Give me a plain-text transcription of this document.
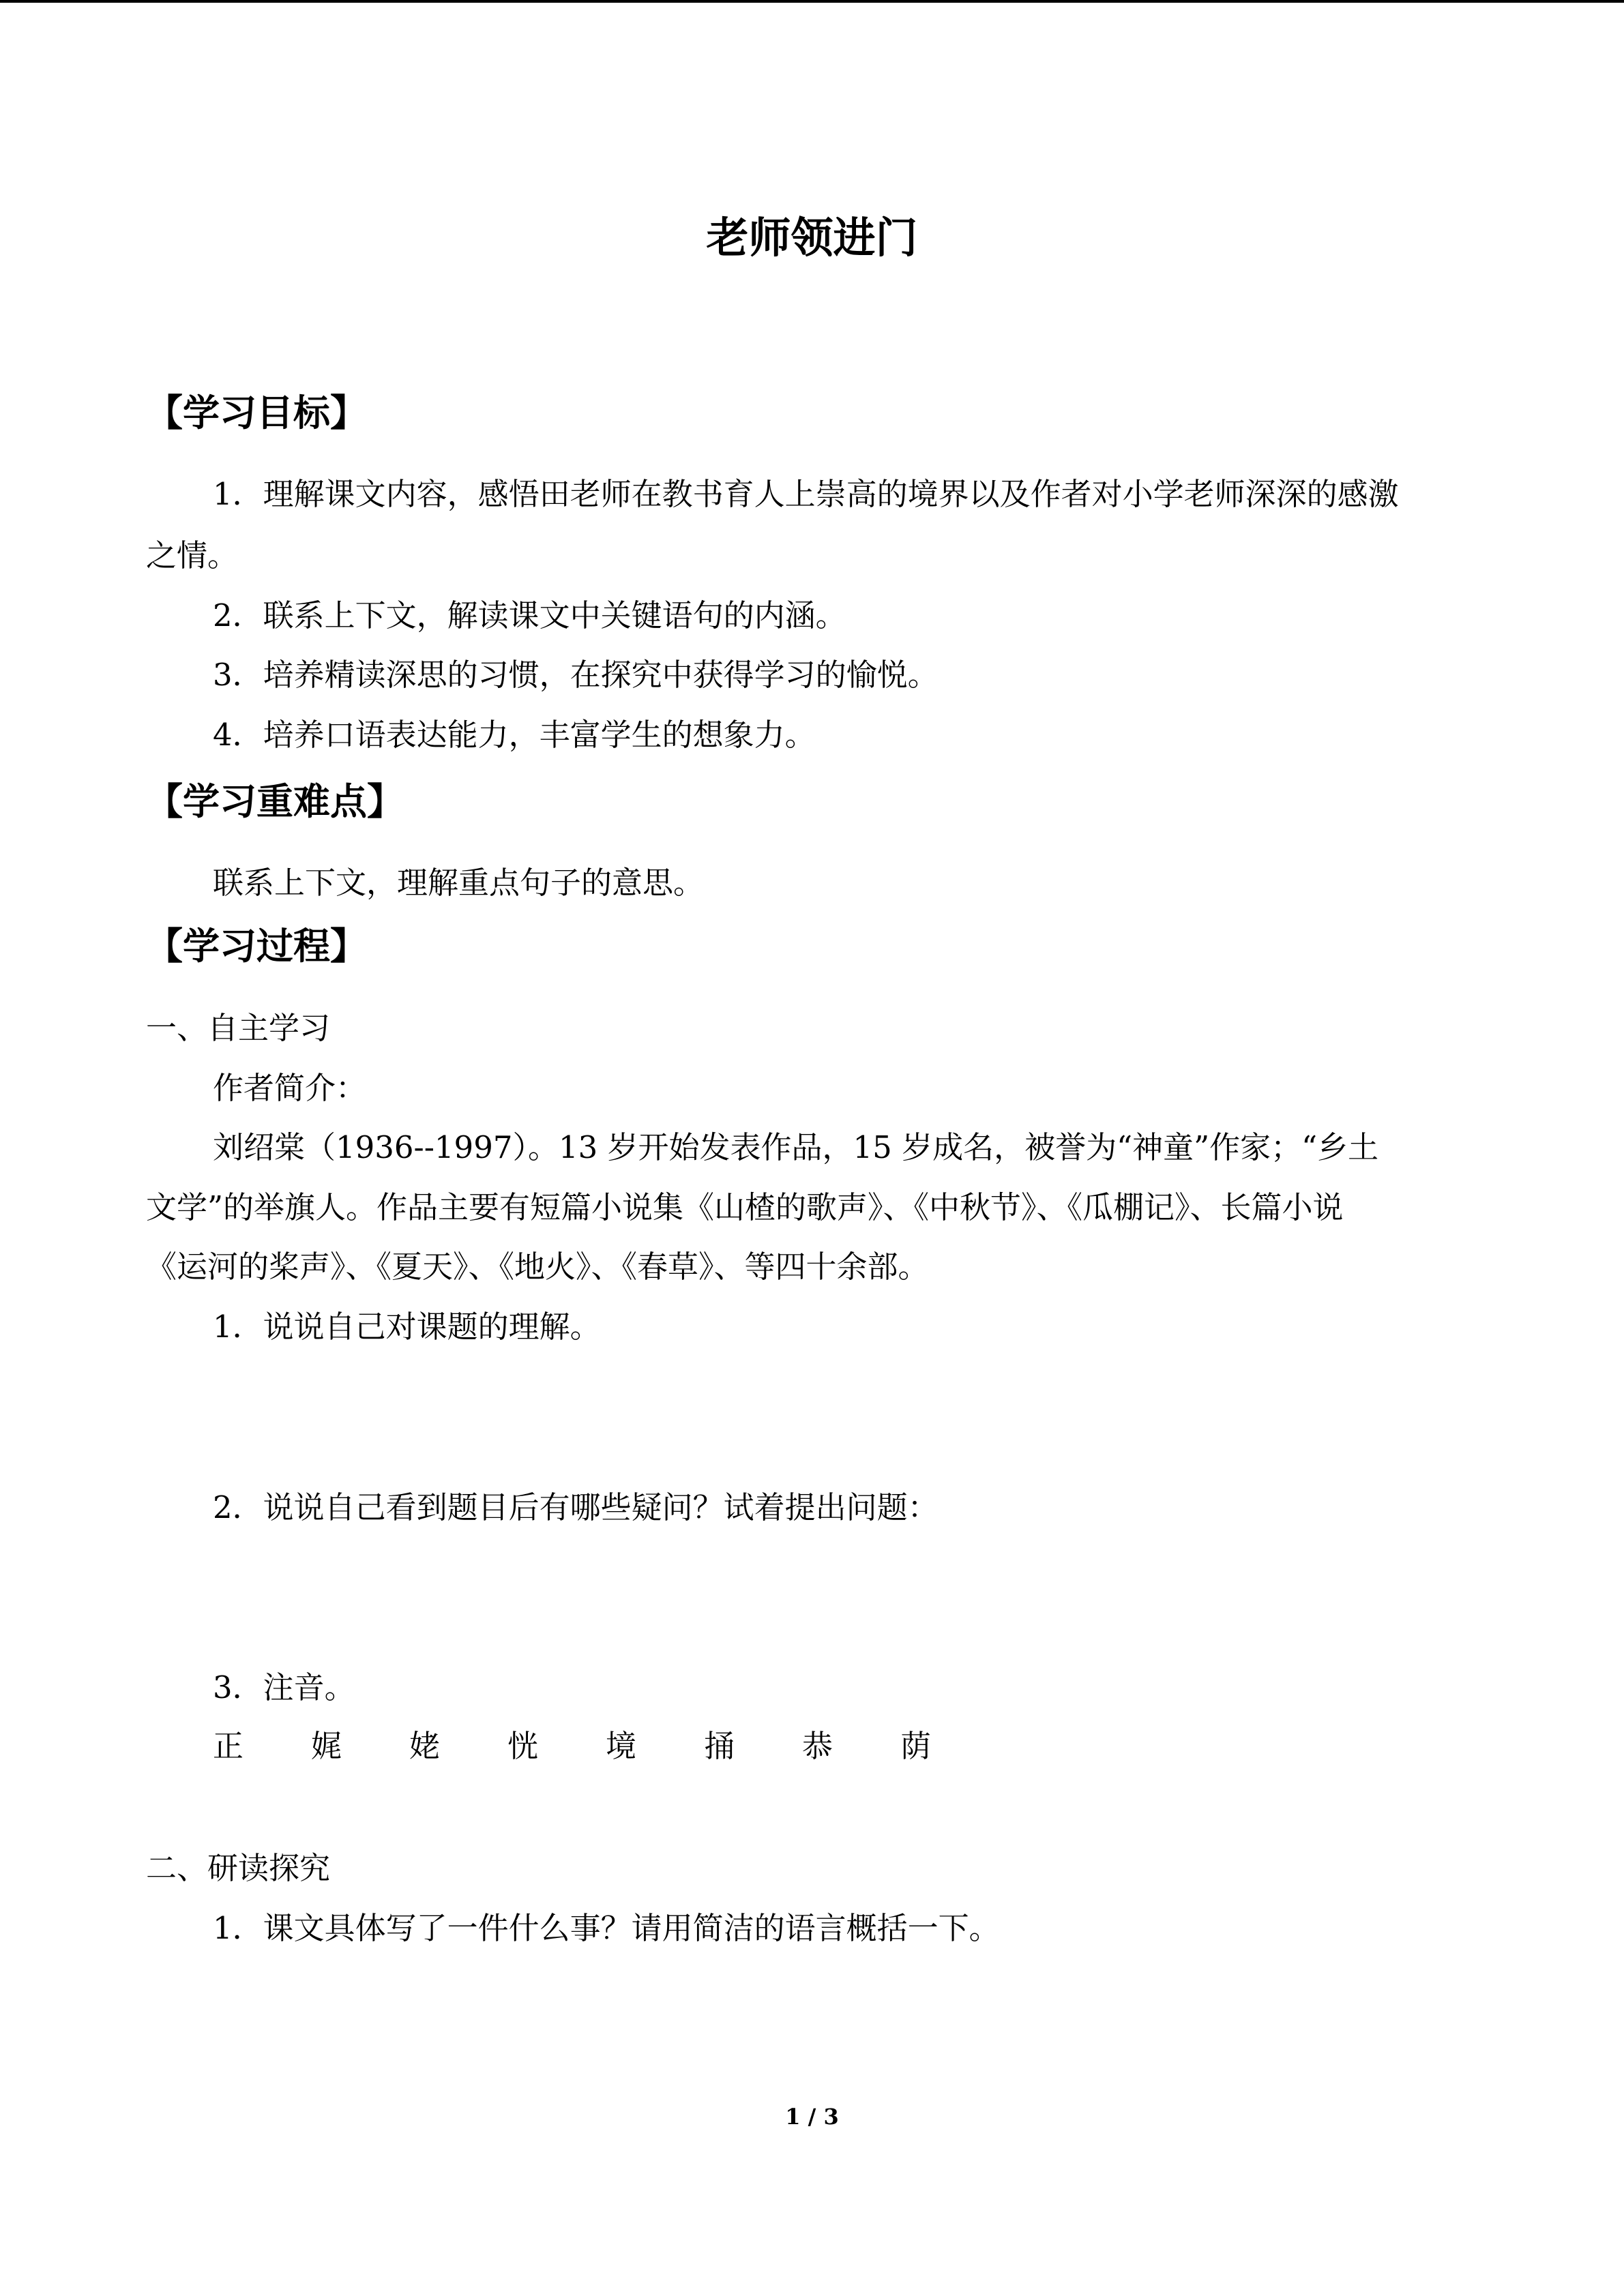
老师领进门
【学习目标】
1．理解课文内容，感悟田老师在教书育人上崇高的境界以及作者对小学老师深深的感激
之情。
2．联系上下文，解读课文中关键语句的内涵。
3．培养精读深思的习惯，在探究中获得学习的愉悦。
4．培养口语表达能力，丰富学生的想象力。
【学习重难点】
联系上下文，理解重点句子的意思。
【学习过程】
一、自主学习
作者简介：
刘绍棠（1936--1997）。13 岁开始发表作品，15 岁成名，被誉为“神童”作家；“乡土
文学”的举旗人。作品主要有短篇小说集《山楂的歌声》、《中秋节》、《瓜棚记》、长篇小说
《运河的桨声》、《夏天》、《地火》、《春草》、等四十余部。
1．说说自己对课题的理解。
2．说说自己看到题目后有哪些疑问？试着提出问题：
3．注音。
正 娓 姥 恍 境 捅 恭 荫
二、研读探究
1．课文具体写了一件什么事？请用简洁的语言概括一下。
1 / 3
